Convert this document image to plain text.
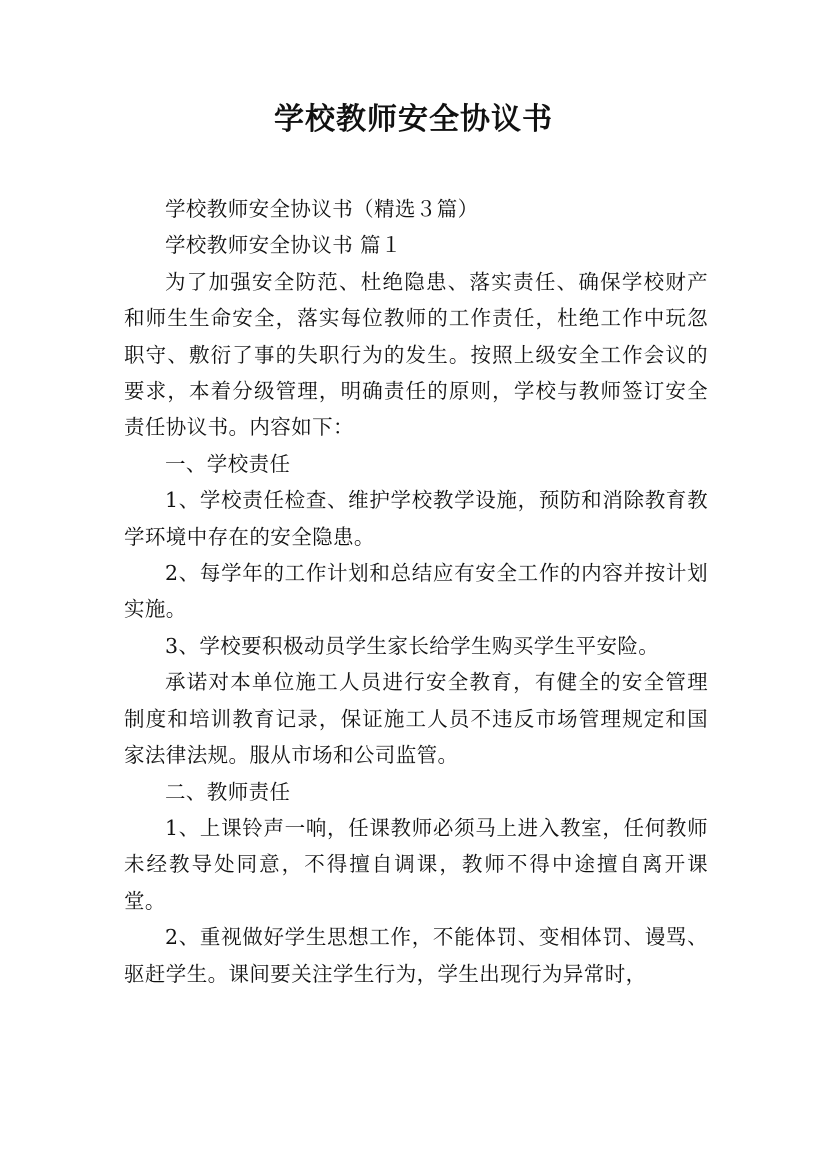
学校教师安全协议书

学校教师安全协议书（精选３篇）

学校教师安全协议书 篇１

为了加强安全防范、杜绝隐患、落实责任、确保学校财产和师生生命安全，落实每位教师的工作责任，杜绝工作中玩忽职守、敷衍了事的失职行为的发生。按照上级安全工作会议的要求，本着分级管理，明确责任的原则，学校与教师签订安全责任协议书。内容如下：

一、学校责任

1、学校责任检查、维护学校教学设施，预防和消除教育教学环境中存在的安全隐患。

2、每学年的工作计划和总结应有安全工作的内容并按计划实施。

3、学校要积极动员学生家长给学生购买学生平安险。

承诺对本单位施工人员进行安全教育，有健全的安全管理制度和培训教育记录，保证施工人员不违反市场管理规定和国家法律法规。服从市场和公司监管。

二、教师责任

1、上课铃声一响，任课教师必须马上进入教室，任何教师未经教导处同意，不得擅自调课，教师不得中途擅自离开课堂。

2、重视做好学生思想工作，不能体罚、变相体罚、谩骂、驱赶学生。课间要关注学生行为，学生出现行为异常时，
